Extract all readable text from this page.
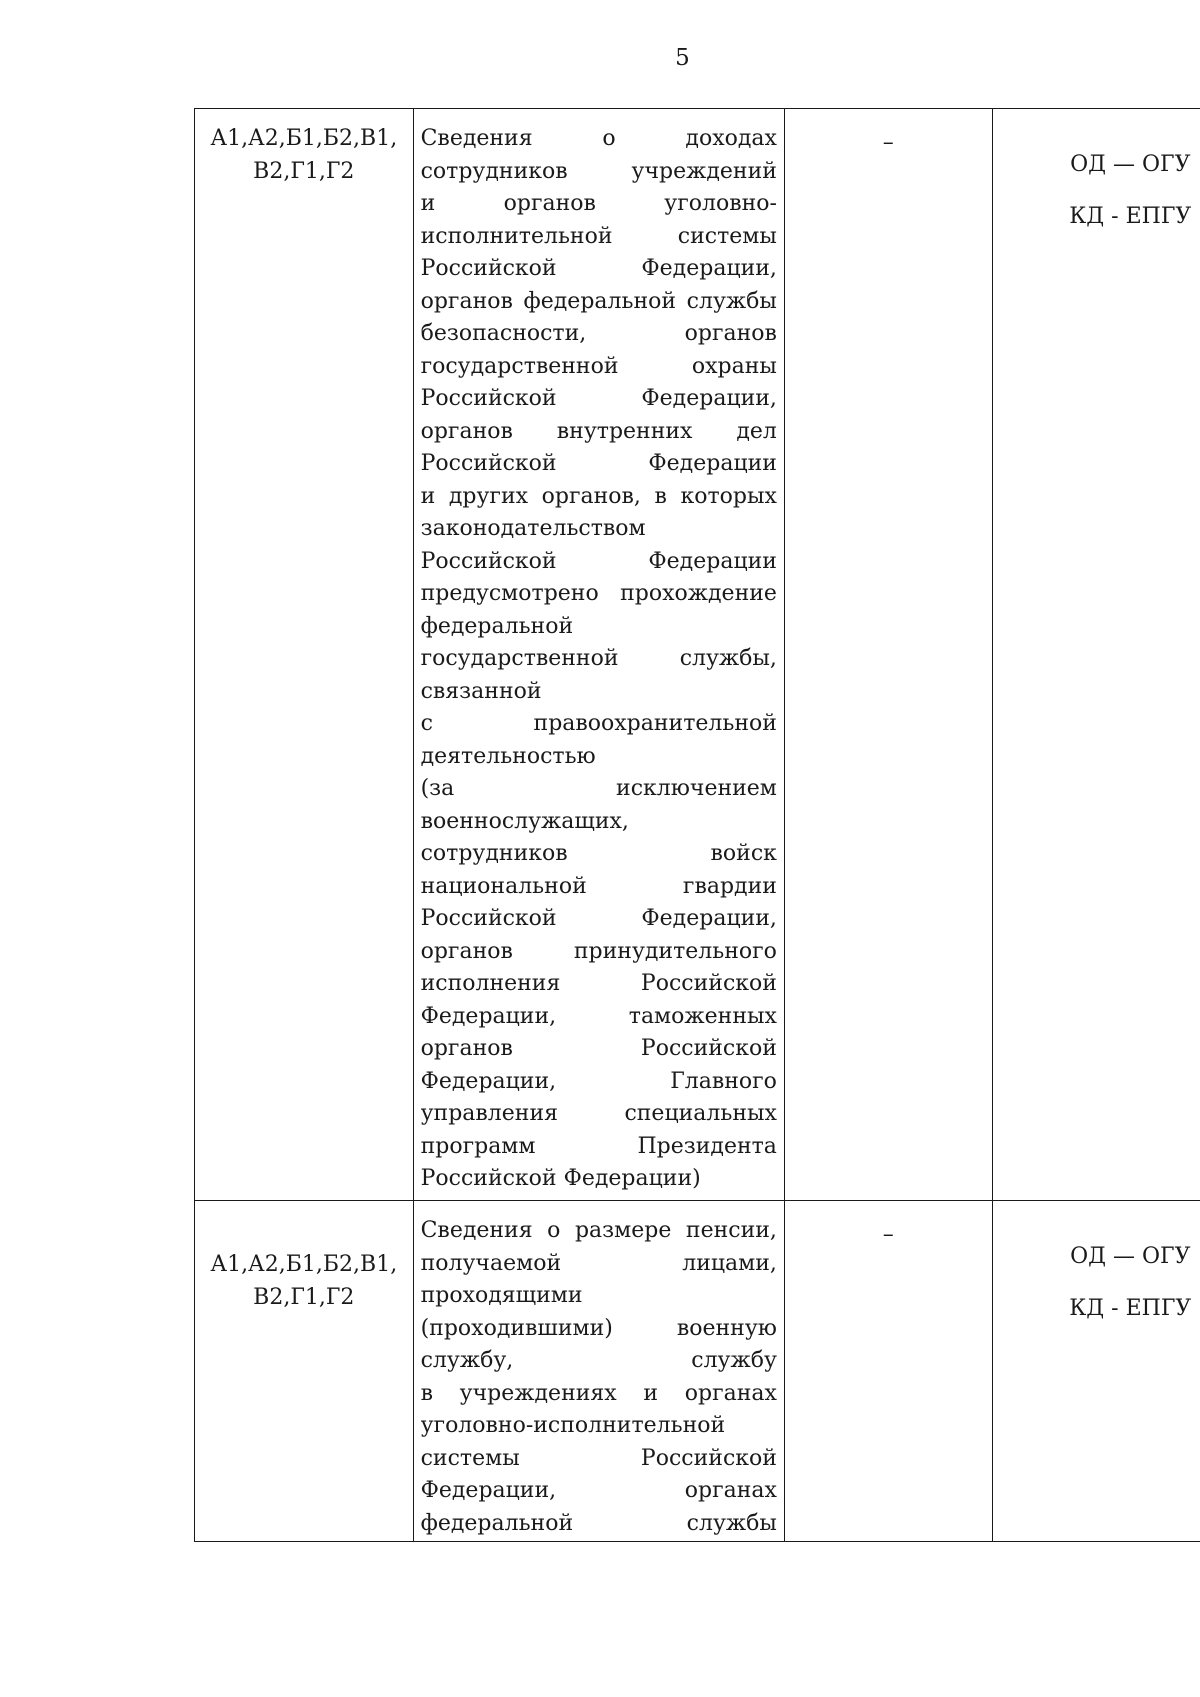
5
А1,А2,Б1,Б2,В1,
В2,Г1,Г2
Сведения о доходах
сотрудников учреждений
и органов уголовно-
исполнительной системы
Российской Федерации,
органов федеральной службы
безопасности, органов
государственной охраны
Российской Федерации,
органов внутренних дел
Российской Федерации
и других органов, в которых
законодательством
Российской Федерации
предусмотрено прохождение
федеральной
государственной службы,
связанной
с правоохранительной
деятельностью
(за исключением
военнослужащих,
сотрудников войск
национальной гвардии
Российской Федерации,
органов принудительного
исполнения Российской
Федерации, таможенных
органов Российской
Федерации, Главного
управления специальных
программ Президента
Российской Федерации)
–
ОД — ОГУ
КД - ЕПГУ
А1,А2,Б1,Б2,В1,
В2,Г1,Г2
Сведения о размере пенсии,
получаемой лицами,
проходящими
(проходившими) военную
службу, службу
в учреждениях и органах
уголовно-исполнительной
системы Российской
Федерации, органах
федеральной службы
–
ОД — ОГУ
КД - ЕПГУ
